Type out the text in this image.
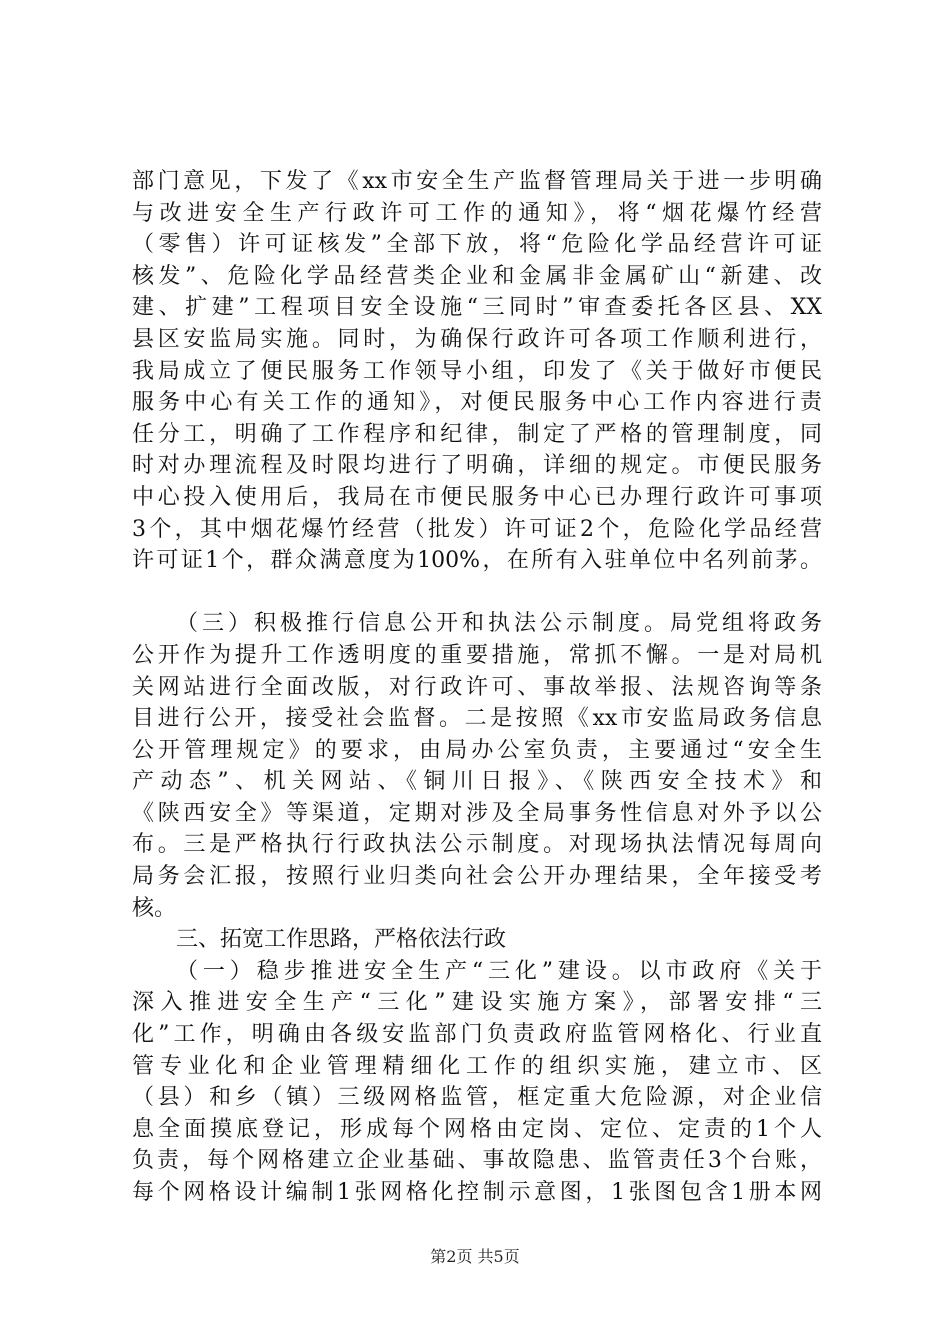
部门意见，下发了《xx市安全生产监督管理局关于进一步明确
与改进安全生产行政许可工作的通知》，将“烟花爆竹经营
（零售）许可证核发”全部下放，将“危险化学品经营许可证
核发”、危险化学品经营类企业和金属非金属矿山“新建、改
建、扩建”工程项目安全设施“三同时”审查委托各区县、XX
县区安监局实施。同时，为确保行政许可各项工作顺利进行，
我局成立了便民服务工作领导小组，印发了《关于做好市便民
服务中心有关工作的通知》，对便民服务中心工作内容进行责
任分工，明确了工作程序和纪律，制定了严格的管理制度，同
时对办理流程及时限均进行了明确，详细的规定。市便民服务
中心投入使用后，我局在市便民服务中心已办理行政许可事项
3个，其中烟花爆竹经营（批发）许可证2个，危险化学品经营
许可证1个，群众满意度为100%，在所有入驻单位中名列前茅。
（三）积极推行信息公开和执法公示制度。局党组将政务
公开作为提升工作透明度的重要措施，常抓不懈。一是对局机
关网站进行全面改版，对行政许可、事故举报、法规咨询等条
目进行公开，接受社会监督。二是按照《xx市安监局政务信息
公开管理规定》的要求，由局办公室负责，主要通过“安全生
产动态”、机关网站、《铜川日报》、《陕西安全技术》和
《陕西安全》等渠道，定期对涉及全局事务性信息对外予以公
布。三是严格执行行政执法公示制度。对现场执法情况每周向
局务会汇报，按照行业归类向社会公开办理结果，全年接受考
核。
三、拓宽工作思路，严格依法行政
（一）稳步推进安全生产“三化”建设。以市政府《关于
深入推进安全生产“三化”建设实施方案》，部署安排“三
化”工作，明确由各级安监部门负责政府监管网格化、行业直
管专业化和企业管理精细化工作的组织实施，建立市、区
（县）和乡（镇）三级网格监管，框定重大危险源，对企业信
息全面摸底登记，形成每个网格由定岗、定位、定责的1个人
负责，每个网格建立企业基础、事故隐患、监管责任3个台账，
每个网格设计编制1张网格化控制示意图，1张图包含1册本网
第2页 共5页
